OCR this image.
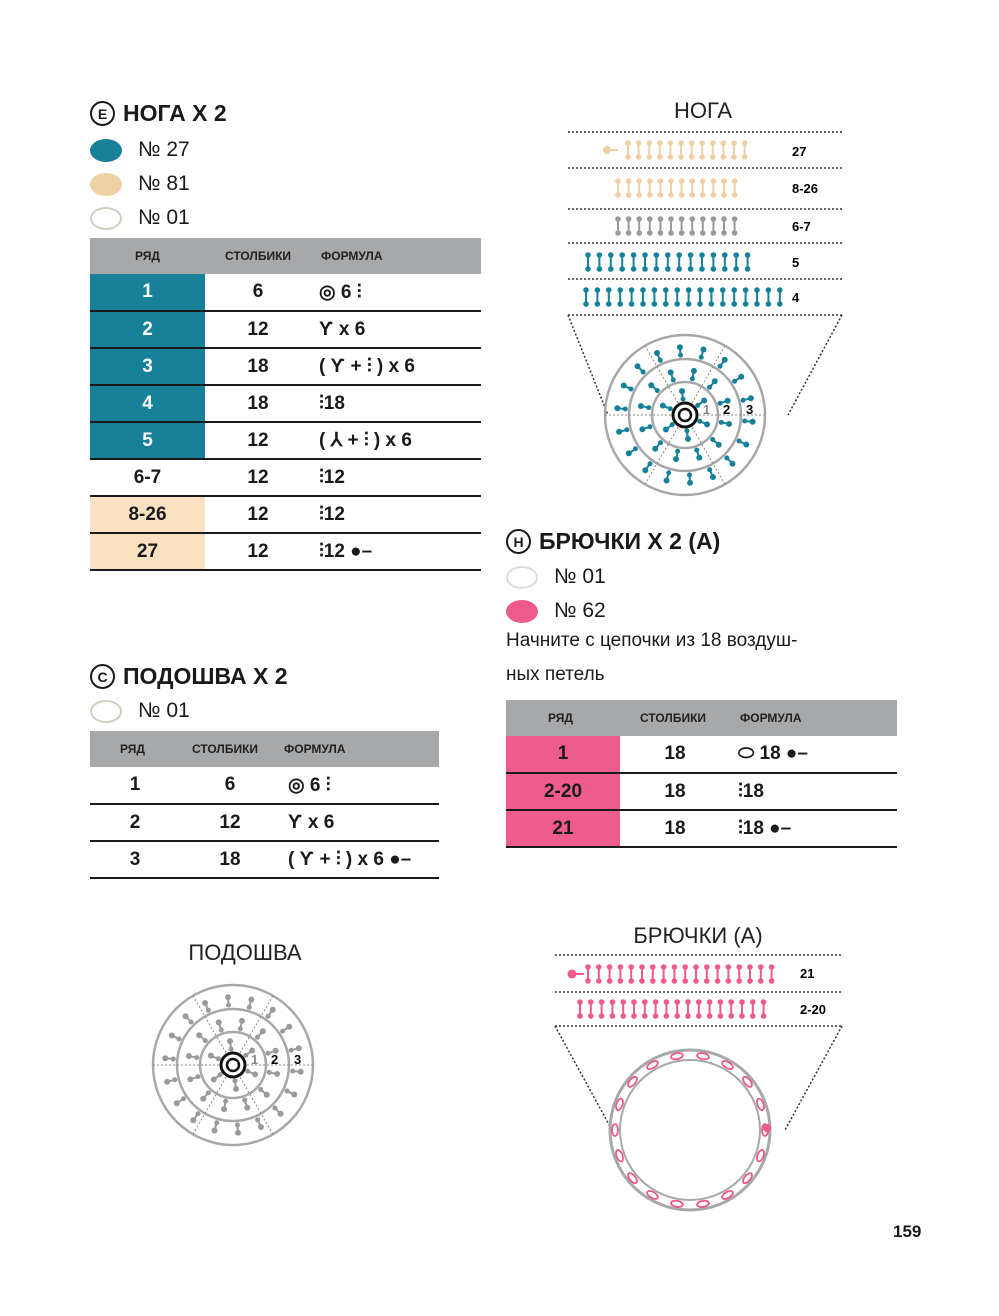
E НОГА Х 2
№ 27
№ 81
№ 01
РЯД	СТОЛБИКИ	ФОРМУЛА
1	6	◎ 6 ⫶
2	12	Ƴ x 6
3	18	( Ƴ + ⫶ ) x 6
4	18	⫶18
5	12	( ⅄ + ⫶ ) x 6
6-7	12	⫶12
8-26	12	⫶12
27	12	⫶12 ●–
C ПОДОШВА Х 2
№ 01
РЯД	СТОЛБИКИ	ФОРМУЛА
1	6	◎ 6 ⫶
2	12	Ƴ x 6
3	18	( Ƴ + ⫶ ) x 6 ●–
H БРЮЧКИ Х 2 (А)
№ 01
№ 62
Начните с цепочки из 18 воздуш-
ных петель
РЯД	СТОЛБИКИ	ФОРМУЛА
1	18	⬭ 18 ●–
2-20	18	⫶18
21	18	⫶18 ●–
НОГА
27
8-26
6-7
5
4
1 2 3
ПОДОШВА
1 2 3
БРЮЧКИ (А)
21
2-20
159
